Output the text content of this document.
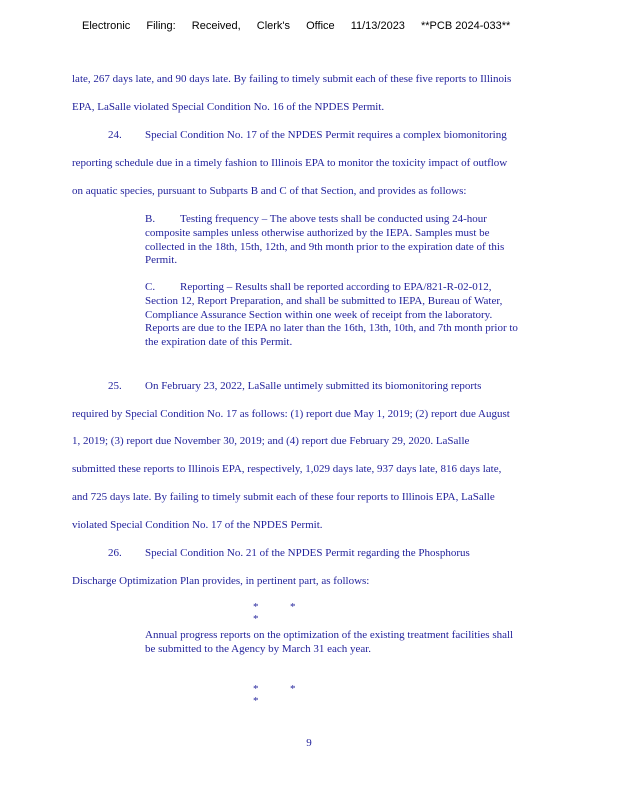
Electronic Filing: Received, Clerk's Office 11/13/2023 **PCB 2024-033**
late, 267 days late, and 90 days late. By failing to timely submit each of these five reports to Illinois
EPA, LaSalle violated Special Condition No. 16 of the NPDES Permit.
24. Special Condition No. 17 of the NPDES Permit requires a complex biomonitoring
reporting schedule due in a timely fashion to Illinois EPA to monitor the toxicity impact of outflow
on aquatic species, pursuant to Subparts B and C of that Section, and provides as follows:
B. Testing frequency – The above tests shall be conducted using 24-hour composite samples unless otherwise authorized by the IEPA. Samples must be collected in the 18th, 15th, 12th, and 9th month prior to the expiration date of this Permit.
C. Reporting – Results shall be reported according to EPA/821-R-02-012, Section 12, Report Preparation, and shall be submitted to IEPA, Bureau of Water, Compliance Assurance Section within one week of receipt from the laboratory. Reports are due to the IEPA no later than the 16th, 13th, 10th, and 7th month prior to the expiration date of this Permit.
25. On February 23, 2022, LaSalle untimely submitted its biomonitoring reports
required by Special Condition No. 17 as follows: (1) report due May 1, 2019; (2) report due August
1, 2019; (3) report due November 30, 2019; and (4) report due February 29, 2020. LaSalle
submitted these reports to Illinois EPA, respectively, 1,029 days late, 937 days late, 816 days late,
and 725 days late. By failing to timely submit each of these four reports to Illinois EPA, LaSalle
violated Special Condition No. 17 of the NPDES Permit.
26. Special Condition No. 21 of the NPDES Permit regarding the Phosphorus
Discharge Optimization Plan provides, in pertinent part, as follows:
*	**
Annual progress reports on the optimization of the existing treatment facilities shall be submitted to the Agency by March 31 each year.
*	**
9
